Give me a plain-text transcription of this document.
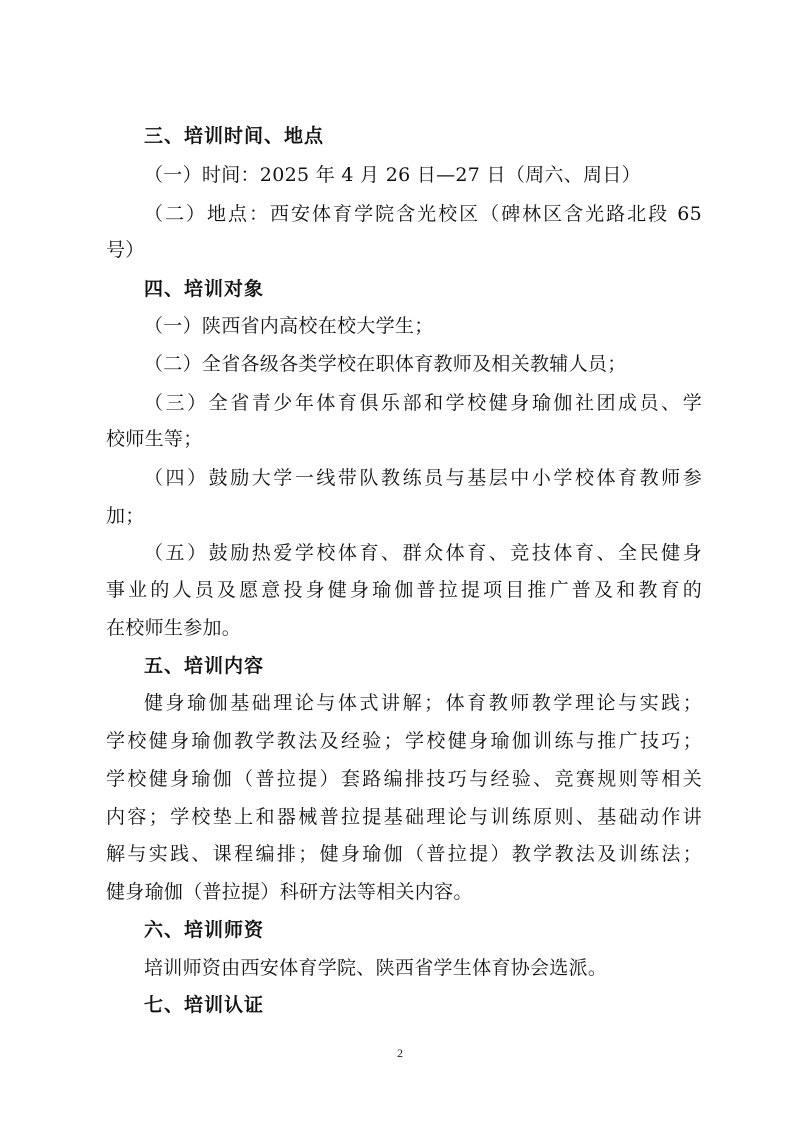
三、培训时间、地点
（一）时间：2025 年 4 月 26 日—27 日（周六、周日）
（二）地点：西安体育学院含光校区（碑林区含光路北段 65
号）
四、培训对象
（一）陕西省内高校在校大学生；
（二）全省各级各类学校在职体育教师及相关教辅人员；
（三）全省青少年体育俱乐部和学校健身瑜伽社团成员、学
校师生等；
（四）鼓励大学一线带队教练员与基层中小学校体育教师参
加；
（五）鼓励热爱学校体育、群众体育、竞技体育、全民健身
事业的人员及愿意投身健身瑜伽普拉提项目推广普及和教育的
在校师生参加。
五、培训内容
健身瑜伽基础理论与体式讲解；体育教师教学理论与实践；
学校健身瑜伽教学教法及经验；学校健身瑜伽训练与推广技巧；
学校健身瑜伽（普拉提）套路编排技巧与经验、竞赛规则等相关
内容；学校垫上和器械普拉提基础理论与训练原则、基础动作讲
解与实践、课程编排；健身瑜伽（普拉提）教学教法及训练法；
健身瑜伽（普拉提）科研方法等相关内容。
六、培训师资
培训师资由西安体育学院、陕西省学生体育协会选派。
七、培训认证
2
